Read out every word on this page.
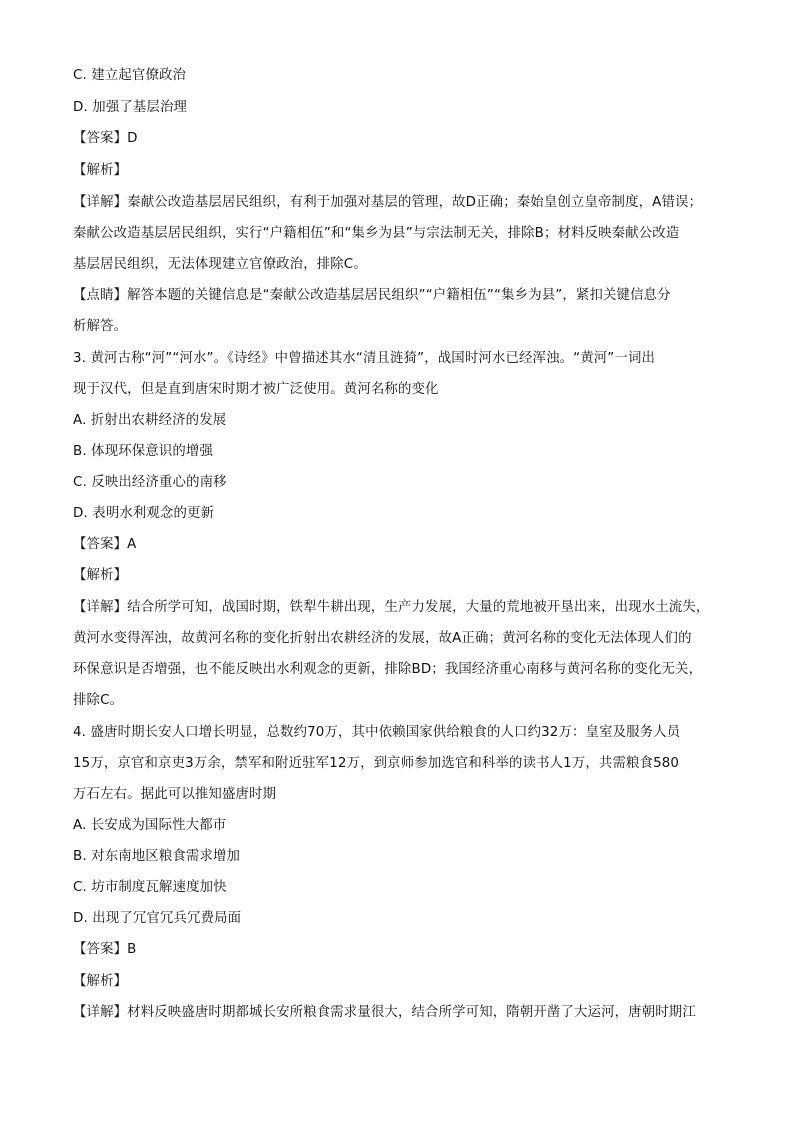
C. 建立起官僚政治
D. 加强了基层治理
【答案】D
【解析】
【详解】秦献公改造基层居民组织，有利于加强对基层的管理，故D正确；秦始皇创立皇帝制度，A错误；
秦献公改造基层居民组织，实行“户籍相伍”和“集乡为县”与宗法制无关，排除B；材料反映秦献公改造
基层居民组织，无法体现建立官僚政治，排除C。
【点睛】解答本题的关键信息是“秦献公改造基层居民组织”“户籍相伍”“集乡为县”，紧扣关键信息分
析解答。
3. 黄河古称“河”“河水”。《诗经》中曾描述其水“清且涟猗”，战国时河水已经浑浊。“黄河”一词出
现于汉代，但是直到唐宋时期才被广泛使用。黄河名称的变化
A. 折射出农耕经济的发展
B. 体现环保意识的增强
C. 反映出经济重心的南移
D. 表明水利观念的更新
【答案】A
【解析】
【详解】结合所学可知，战国时期，铁犁牛耕出现，生产力发展，大量的荒地被开垦出来，出现水土流失，
黄河水变得浑浊，故黄河名称的变化折射出农耕经济的发展，故A正确；黄河名称的变化无法体现人们的
环保意识是否增强，也不能反映出水利观念的更新，排除BD；我国经济重心南移与黄河名称的变化无关，
排除C。
4. 盛唐时期长安人口增长明显，总数约70万，其中依赖国家供给粮食的人口约32万：皇室及服务人员
15万，京官和京吏3万余，禁军和附近驻军12万，到京师参加选官和科举的读书人1万，共需粮食580
万石左右。据此可以推知盛唐时期
A. 长安成为国际性大都市
B. 对东南地区粮食需求增加
C. 坊市制度瓦解速度加快
D. 出现了冗官冗兵冗费局面
【答案】B
【解析】
【详解】材料反映盛唐时期都城长安所粮食需求量很大，结合所学可知，隋朝开凿了大运河，唐朝时期江
